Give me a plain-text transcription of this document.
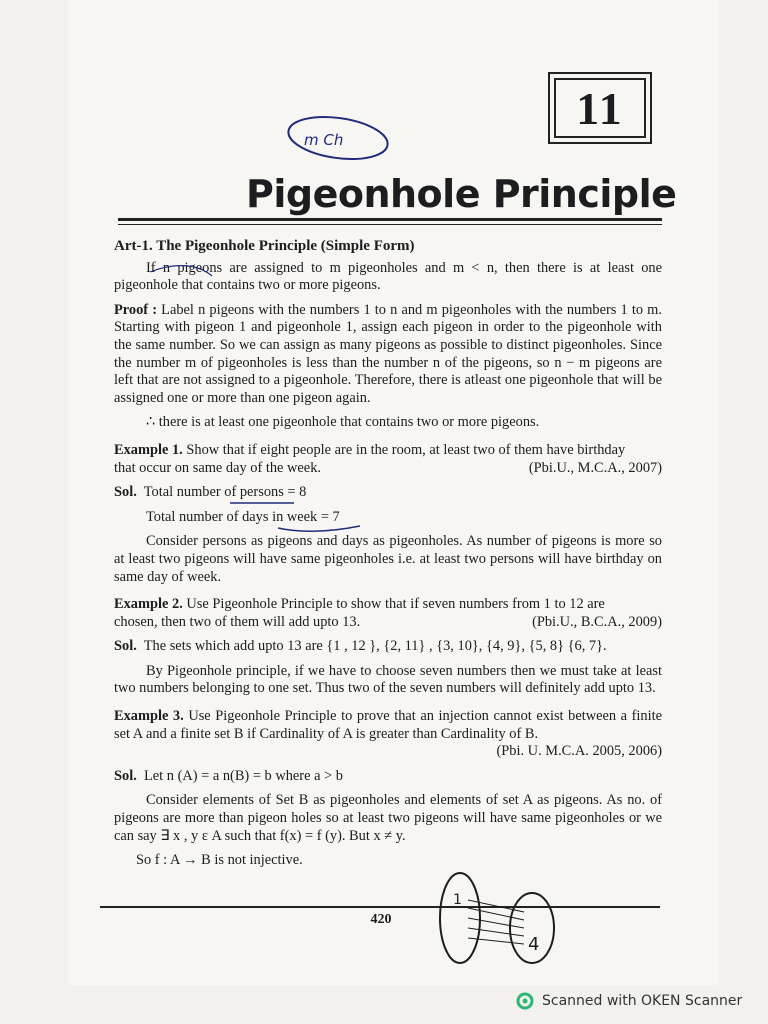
11
Pigeonhole Principle

Art-1. The Pigeonhole Principle (Simple Form)

If n pigeons are assigned to m pigeonholes and m < n, then there is at least one pigeonhole that contains two or more pigeons.

Proof : Label n pigeons with the numbers 1 to n and m pigeonholes with the numbers 1 to m. Starting with pigeon 1 and pigeonhole 1, assign each pigeon in order to the pigeonhole with the same number. So we can assign as many pigeons as possible to distinct pigeonholes. Since the number m of pigeonholes is less than the number n of the pigeons, so n − m pigeons are left that are not assigned to a pigeonhole. Therefore, there is atleast one pigeonhole that will be assigned one or more than one pigeon again.

∴ there is at least one pigeonhole that contains two or more pigeons.

Example 1. Show that if eight people are in the room, at least two of them have birthday

that occur on same day of the week.	(Pbi.U., M.C.A., 2007)

Sol. Total number of persons = 8

Total number of days in week = 7

Consider persons as pigeons and days as pigeonholes. As number of pigeons is more so at least two pigeons will have same pigeonholes i.e. at least two persons will have birthday on same day of week.

Example 2. Use Pigeonhole Principle to show that if seven numbers from 1 to 12 are

chosen, then two of them will add upto 13.	(Pbi.U., B.C.A., 2009)

Sol. The sets which add upto 13 are {1 , 12 }, {2, 11} , {3, 10}, {4, 9}, {5, 8} {6, 7}.

By Pigeonhole principle, if we have to choose seven numbers then we must take at least two numbers belonging to one set. Thus two of the seven numbers will definitely add upto 13.

Example 3. Use Pigeonhole Principle to prove that an injection cannot exist between a finite set A and a finite set B if Cardinality of A is greater than Cardinality of B.

(Pbi. U. M.C.A. 2005, 2006)

Sol. Let n (A) = a n(B) = b where a > b

Consider elements of Set B as pigeonholes and elements of set A as pigeons. As no. of pigeons are more than pigeon holes so at least two pigeons will have same pigeonholes or we can say ∃ x , y ε A such that f(x) = f (y). But x ≠ y.

So f : A → B is not injective.

420
m Ch
1
4
Scanned with OKEN Scanner
